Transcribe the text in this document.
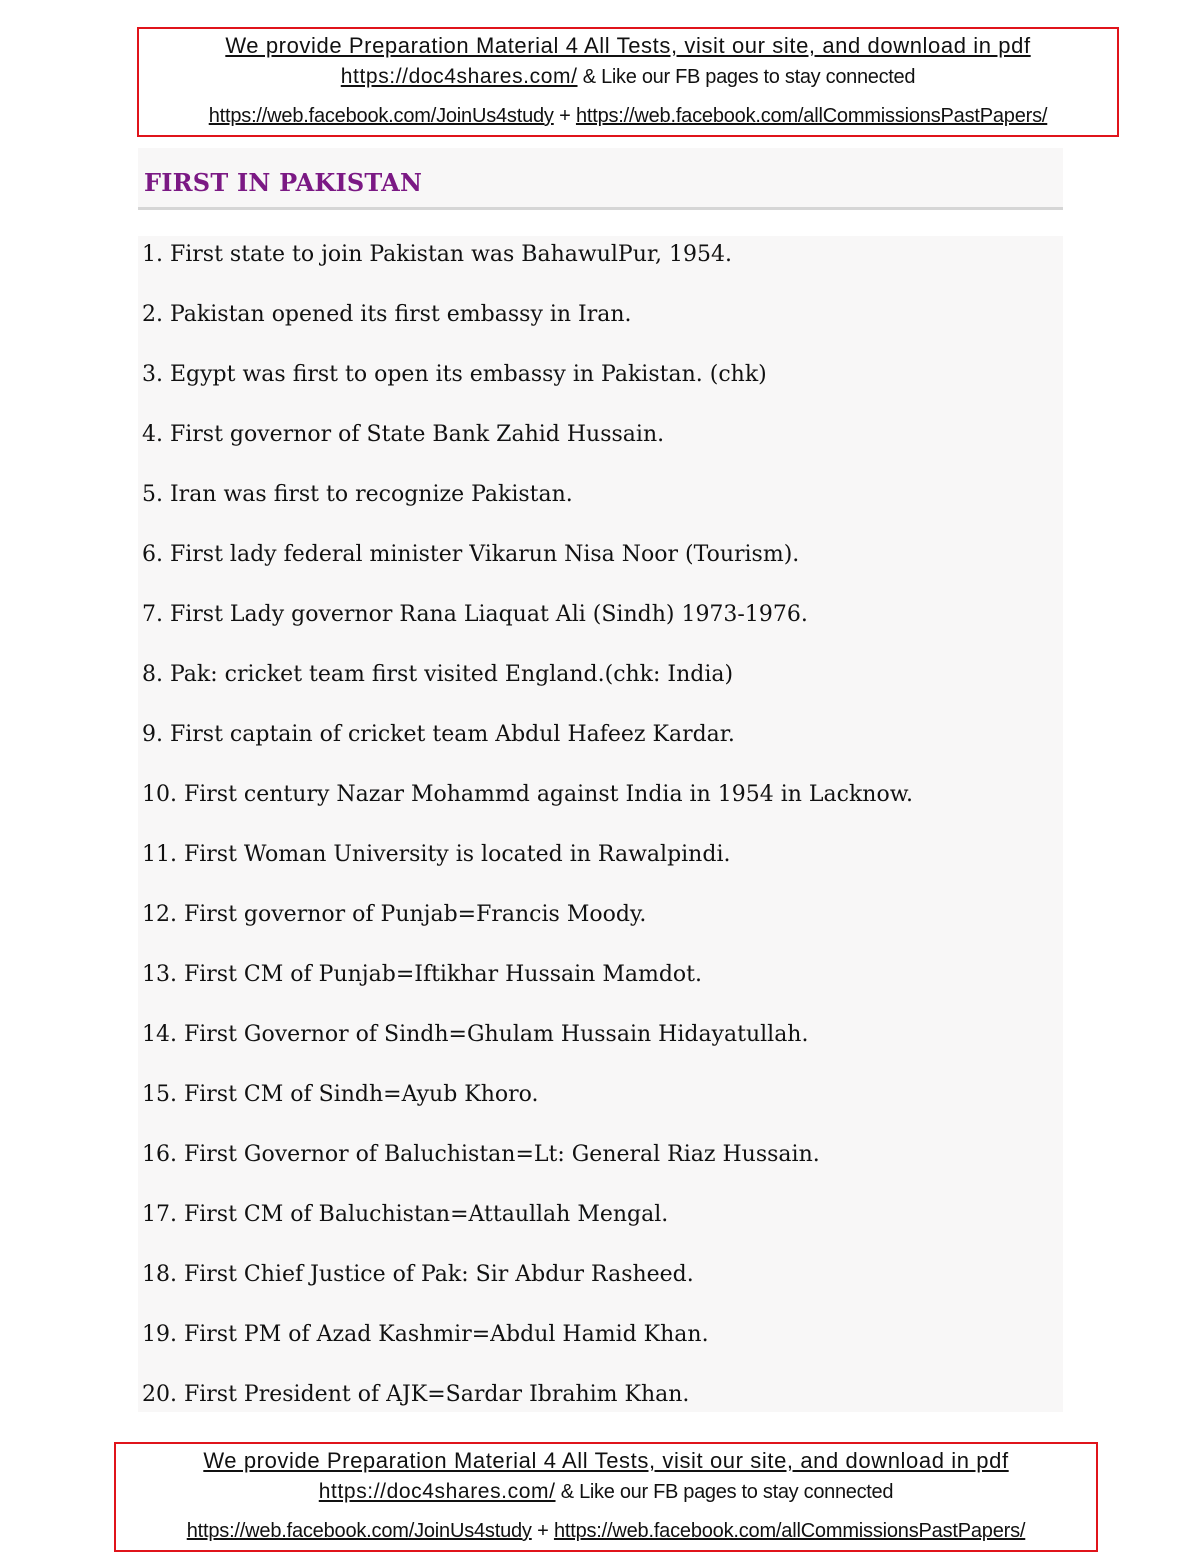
We provide Preparation Material 4 All Tests, visit our site, and download in pdf
https://doc4shares.com/ & Like our FB pages to stay connected
https://web.facebook.com/JoinUs4study + https://web.facebook.com/allCommissionsPastPapers/
FIRST IN PAKISTAN
1. First state to join Pakistan was BahawulPur, 1954.
2. Pakistan opened its first embassy in Iran.
3. Egypt was first to open its embassy in Pakistan. (chk)
4. First governor of State Bank Zahid Hussain.
5. Iran was first to recognize Pakistan.
6. First lady federal minister Vikarun Nisa Noor (Tourism).
7. First Lady governor Rana Liaquat Ali (Sindh) 1973-1976.
8. Pak: cricket team first visited England.(chk: India)
9. First captain of cricket team Abdul Hafeez Kardar.
10. First century Nazar Mohammd against India in 1954 in Lacknow.
11. First Woman University is located in Rawalpindi.
12. First governor of Punjab=Francis Moody.
13. First CM of Punjab=Iftikhar Hussain Mamdot.
14. First Governor of Sindh=Ghulam Hussain Hidayatullah.
15. First CM of Sindh=Ayub Khoro.
16. First Governor of Baluchistan=Lt: General Riaz Hussain.
17. First CM of Baluchistan=Attaullah Mengal.
18. First Chief Justice of Pak: Sir Abdur Rasheed.
19. First PM of Azad Kashmir=Abdul Hamid Khan.
20. First President of AJK=Sardar Ibrahim Khan.
We provide Preparation Material 4 All Tests, visit our site, and download in pdf
https://doc4shares.com/ & Like our FB pages to stay connected
https://web.facebook.com/JoinUs4study + https://web.facebook.com/allCommissionsPastPapers/
